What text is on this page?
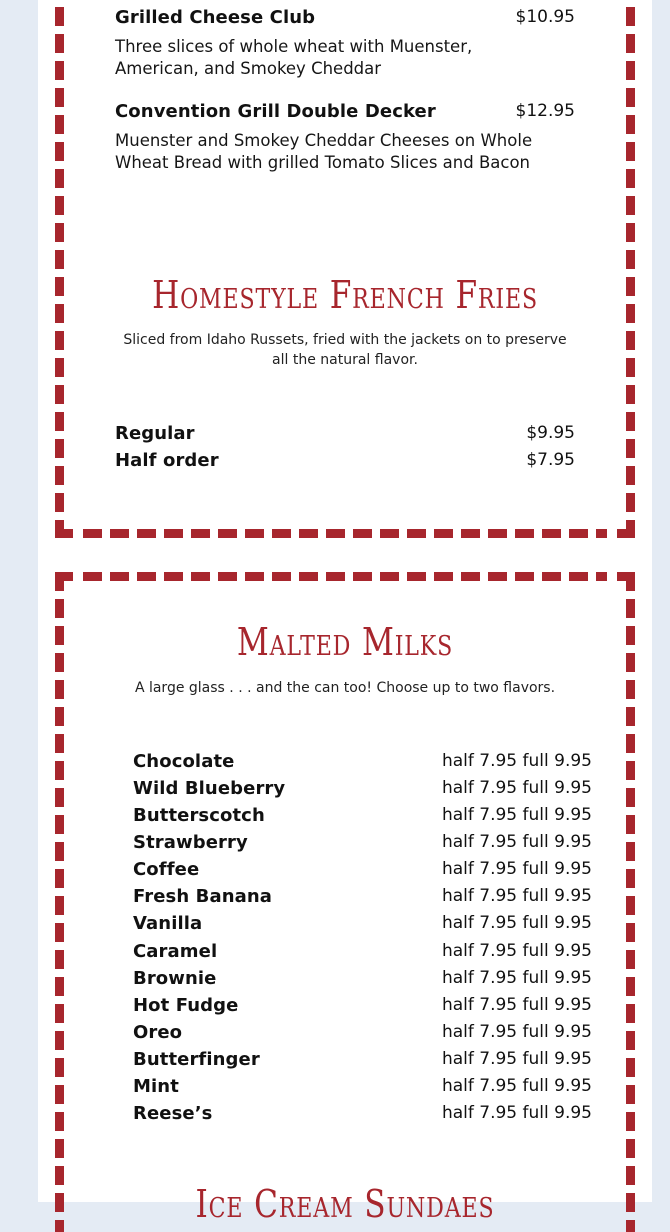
Grilled Cheese Club	$10.95
Three slices of whole wheat with Muenster, American, and Smokey Cheddar
Convention Grill Double Decker	$12.95
Muenster and Smokey Cheddar Cheeses on Whole Wheat Bread with grilled Tomato Slices and Bacon
Homestyle French Fries
Sliced from Idaho Russets, fried with the jackets on to preserve all the natural flavor.
Regular	$9.95
Half order	$7.95
Malted Milks
A large glass . . . and the can too! Choose up to two flavors.
Chocolate	half 7.95 full 9.95
Wild Blueberry	half 7.95 full 9.95
Butterscotch	half 7.95 full 9.95
Strawberry	half 7.95 full 9.95
Coffee	half 7.95 full 9.95
Fresh Banana	half 7.95 full 9.95
Vanilla	half 7.95 full 9.95
Caramel	half 7.95 full 9.95
Brownie	half 7.95 full 9.95
Hot Fudge	half 7.95 full 9.95
Oreo	half 7.95 full 9.95
Butterfinger	half 7.95 full 9.95
Mint	half 7.95 full 9.95
Reese’s	half 7.95 full 9.95
Ice Cream Sundaes
